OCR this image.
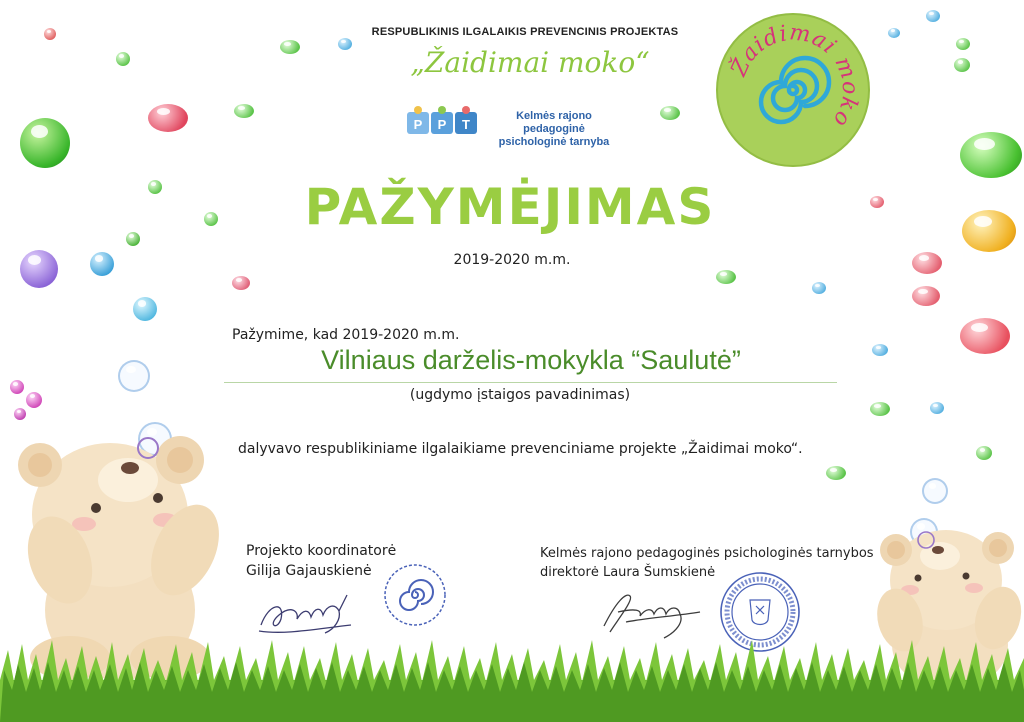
RESPUBLIKINIS ILGALAIKIS PREVENCINIS PROJEKTAS
„Žaidimai moko“
P P T
Kelmės rajono pedagoginė
psichologinė tarnyba
Žaidimai moko
PAŽYMĖJIMAS
2019-2020 m.m.
Pažymime, kad 2019-2020 m.m.
Vilniaus darželis-mokykla “Saulutė”
(ugdymo įstaigos pavadinimas)
dalyvavo respublikiniame ilgalaikiame prevenciniame projekte „Žaidimai moko“.
Projekto koordinatorė
Gilija Gajauskienė
Kelmės rajono pedagoginės psichologinės tarnybos
direktorė Laura Šumskienė
